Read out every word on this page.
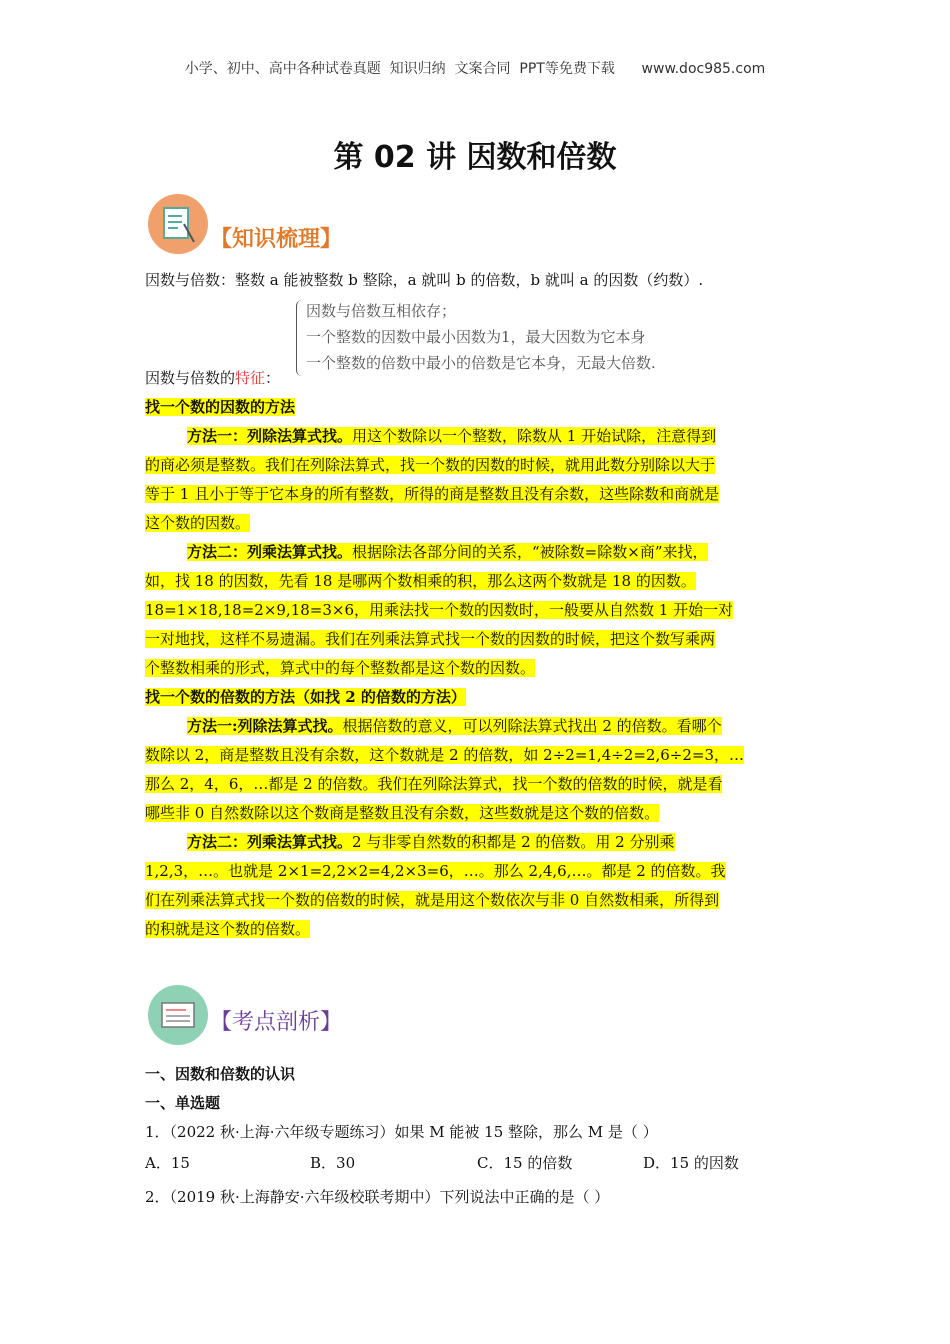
小学、初中、高中各种试卷真题  知识归纳  文案合同  PPT等免费下载      www.doc985.com
第 02 讲 因数和倍数
【知识梳理】
因数与倍数：整数 a 能被整数 b 整除，a 就叫 b 的倍数，b 就叫 a 的因数（约数）.
因数与倍数互相依存；
一个整数的因数中最小因数为1，最大因数为它本身
一个整数的倍数中最小的倍数是它本身，无最大倍数.
因数与倍数的特征：
找一个数的因数的方法
方法一：列除法算式找。用这个数除以一个整数，除数从 1 开始试除，注意得到
的商必须是整数。我们在列除法算式，找一个数的因数的时候，就用此数分别除以大于
等于 1 且小于等于它本身的所有整数，所得的商是整数且没有余数，这些除数和商就是
这个数的因数。
方法二：列乘法算式找。根据除法各部分间的关系，“被除数=除数×商”来找，
如，找 18 的因数，先看 18 是哪两个数相乘的积，那么这两个数就是 18 的因数。
18=1×18,18=2×9,18=3×6，用乘法找一个数的因数时，一般要从自然数 1 开始一对
一对地找，这样不易遗漏。我们在列乘法算式找一个数的因数的时候，把这个数写乘两
个整数相乘的形式，算式中的每个整数都是这个数的因数。
找一个数的倍数的方法（如找 2 的倍数的方法）
方法一:列除法算式找。根据倍数的意义，可以列除法算式找出 2 的倍数。看哪个
数除以 2，商是整数且没有余数，这个数就是 2 的倍数，如 2÷2=1,4÷2=2,6÷2=3，…
那么 2，4，6，…都是 2 的倍数。我们在列除法算式，找一个数的倍数的时候，就是看
哪些非 0 自然数除以这个数商是整数且没有余数，这些数就是这个数的倍数。
方法二：列乘法算式找。2 与非零自然数的积都是 2 的倍数。用 2 分别乘
1,2,3，…。也就是 2×1=2,2×2=4,2×3=6，…。那么 2,4,6,…。都是 2 的倍数。我
们在列乘法算式找一个数的倍数的时候，就是用这个数依次与非 0 自然数相乘，所得到
的积就是这个数的倍数。
【考点剖析】
一、因数和倍数的认识
一、单选题
1．（2022 秋·上海·六年级专题练习）如果 M 能被 15 整除，那么 M 是（ ）
A．15	B．30	C．15 的倍数	D．15 的因数
2．（2019 秋·上海静安·六年级校联考期中）下列说法中正确的是（ ）
